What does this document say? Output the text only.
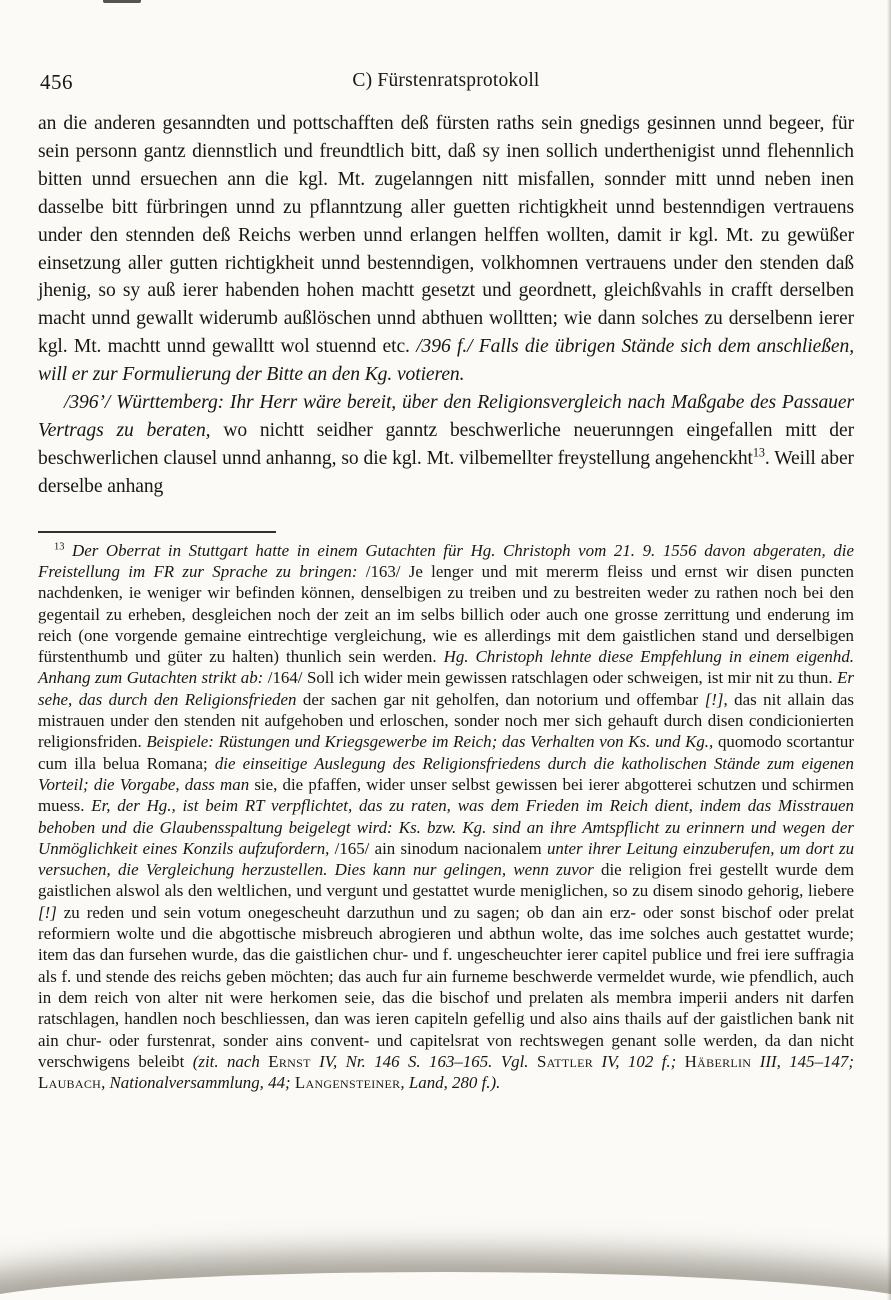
456	C) Fürstenratsprotokoll

an die anderen gesanndten und pottschafften deß fürsten raths sein gnedigs gesinnen unnd begeer, für sein personn gantz diennstlich und freundtlich bitt, daß sy inen sollich underthenigist unnd flehennlich bitten unnd ersuechen ann die kgl. Mt. zugelanngen nitt misfallen, sonnder mitt unnd neben inen dasselbe bitt fürbringen unnd zu pflanntzung aller guetten richtigkheit unnd bestenndigen vertrauens under den stennden deß Reichs werben unnd erlangen helffen wollten, damit ir kgl. Mt. zu gewüßer einsetzung aller gutten richtigkheit unnd bestenndigen, volkhomnen vertrauens under den stenden daß jhenig, so sy auß ierer habenden hohen machtt gesetzt und geordnett, gleichßvahls in crafft derselben macht unnd gewallt widerumb außlöschen unnd abthuen wolltten; wie dann solches zu derselbenn ierer kgl. Mt. machtt unnd gewalltt wol stuennd etc. /396 f./ Falls die übrigen Stände sich dem anschließen, will er zur Formulierung der Bitte an den Kg. votieren.

/396’/ Württemberg: Ihr Herr wäre bereit, über den Religionsvergleich nach Maßgabe des Passauer Vertrags zu beraten, wo nichtt seidher ganntz beschwerliche neuerunngen eingefallen mitt der beschwerlichen clausel unnd anhanng, so die kgl. Mt. vilbemellter freystellung angehenckht$^{13}$. Weill aber derselbe anhang

$^{13}$ Der Oberrat in Stuttgart hatte in einem Gutachten für Hg. Christoph vom 21. 9. 1556 davon abgeraten, die Freistellung im FR zur Sprache zu bringen: /163/ Je lenger und mit mererm fleiss und ernst wir disen puncten nachdenken, ie weniger wir befinden können, denselbigen zu treiben und zu bestreiten weder zu rathen noch bei den gegentail zu erheben, desgleichen noch der zeit an im selbs billich oder auch one grosse zerrittung und enderung im reich (one vorgende gemaine eintrechtige vergleichung, wie es allerdings mit dem gaistlichen stand und derselbigen fürstenthumb und güter zu halten) thunlich sein werden. Hg. Christoph lehnte diese Empfehlung in einem eigenhd. Anhang zum Gutachten strikt ab: /164/ Soll ich wider mein gewissen ratschlagen oder schweigen, ist mir nit zu thun. Er sehe, das durch den Religionsfrieden der sachen gar nit geholfen, dan notorium und offembar [!], das nit allain das mistrauen under den stenden nit aufgehoben und erloschen, sonder noch mer sich gehauft durch disen condicionierten religionsfriden. Beispiele: Rüstungen und Kriegsgewerbe im Reich; das Verhalten von Ks. und Kg., quomodo scortantur cum illa belua Romana; die einseitige Auslegung des Religionsfriedens durch die katholischen Stände zum eigenen Vorteil; die Vorgabe, dass man sie, die pfaffen, wider unser selbst gewissen bei ierer abgotterei schutzen und schirmen muess. Er, der Hg., ist beim RT verpflichtet, das zu raten, was dem Frieden im Reich dient, indem das Misstrauen behoben und die Glaubensspaltung beigelegt wird: Ks. bzw. Kg. sind an ihre Amtspflicht zu erinnern und wegen der Unmöglichkeit eines Konzils aufzufordern, /165/ ain sinodum nacionalem unter ihrer Leitung einzuberufen, um dort zu versuchen, die Vergleichung herzustellen. Dies kann nur gelingen, wenn zuvor die religion frei gestellt wurde dem gaistlichen alswol als den weltlichen, und vergunt und gestattet wurde meniglichen, so zu disem sinodo gehorig, liebere [!] zu reden und sein votum onegescheuht darzuthun und zu sagen; ob dan ain erz- oder sonst bischof oder prelat reformiern wolte und die abgottische misbreuch abrogieren und abthun wolte, das ime solches auch gestattet wurde; item das dan fursehen wurde, das die gaistlichen chur- und f. ungescheuchter ierer capitel publice und frei iere suffragia als f. und stende des reichs geben möchten; das auch fur ain furneme beschwerde vermeldet wurde, wie pfendlich, auch in dem reich von alter nit were herkomen seie, das die bischof und prelaten als membra imperii anders nit darfen ratschlagen, handlen noch beschliessen, dan was ieren capiteln gefellig und also ains thails auf der gaistlichen bank nit ain chur- oder furstenrat, sonder ains convent- und capitelsrat von rechtswegen genant solle werden, da dan nicht verschwigens beleibt (zit. nach Ernst IV, Nr. 146 S. 163–165. Vgl. Sattler IV, 102 f.; Häberlin III, 145–147; Laubach, Nationalversammlung, 44; Langensteiner, Land, 280 f.).
